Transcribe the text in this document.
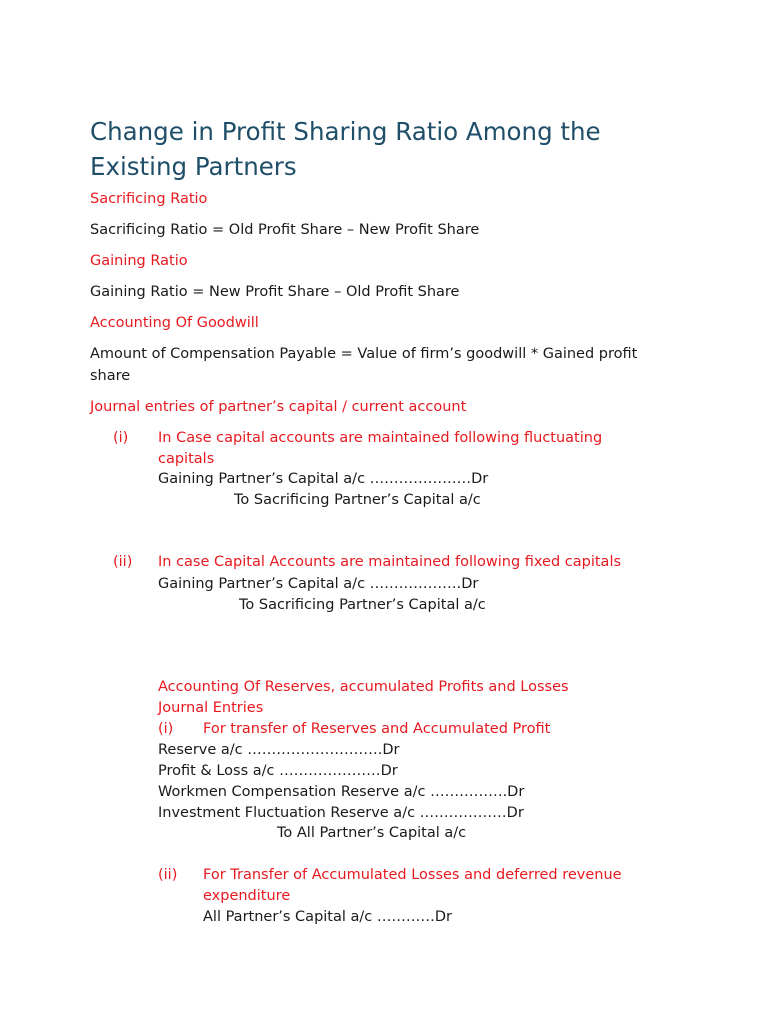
Change in Profit Sharing Ratio Among the
Existing Partners
Sacrificing Ratio
Sacrificing Ratio = Old Profit Share – New Profit Share
Gaining Ratio
Gaining Ratio = New Profit Share – Old Profit Share
Accounting Of Goodwill
Amount of Compensation Payable = Value of firm’s goodwill * Gained profit
share
Journal entries of partner’s capital / current account
(i) In Case capital accounts are maintained following fluctuating
capitals
Gaining Partner’s Capital a/c …………………Dr
To Sacrificing Partner’s Capital a/c
(ii) In case Capital Accounts are maintained following fixed capitals
Gaining Partner’s Capital a/c ……………….Dr
To Sacrificing Partner’s Capital a/c
Accounting Of Reserves, accumulated Profits and Losses
Journal Entries
(i) For transfer of Reserves and Accumulated Profit
Reserve a/c ……………………….Dr
Profit & Loss a/c …………………Dr
Workmen Compensation Reserve a/c …………….Dr
Investment Fluctuation Reserve a/c ………………Dr
To All Partner’s Capital a/c
(ii) For Transfer of Accumulated Losses and deferred revenue
expenditure
All Partner’s Capital a/c …………Dr
